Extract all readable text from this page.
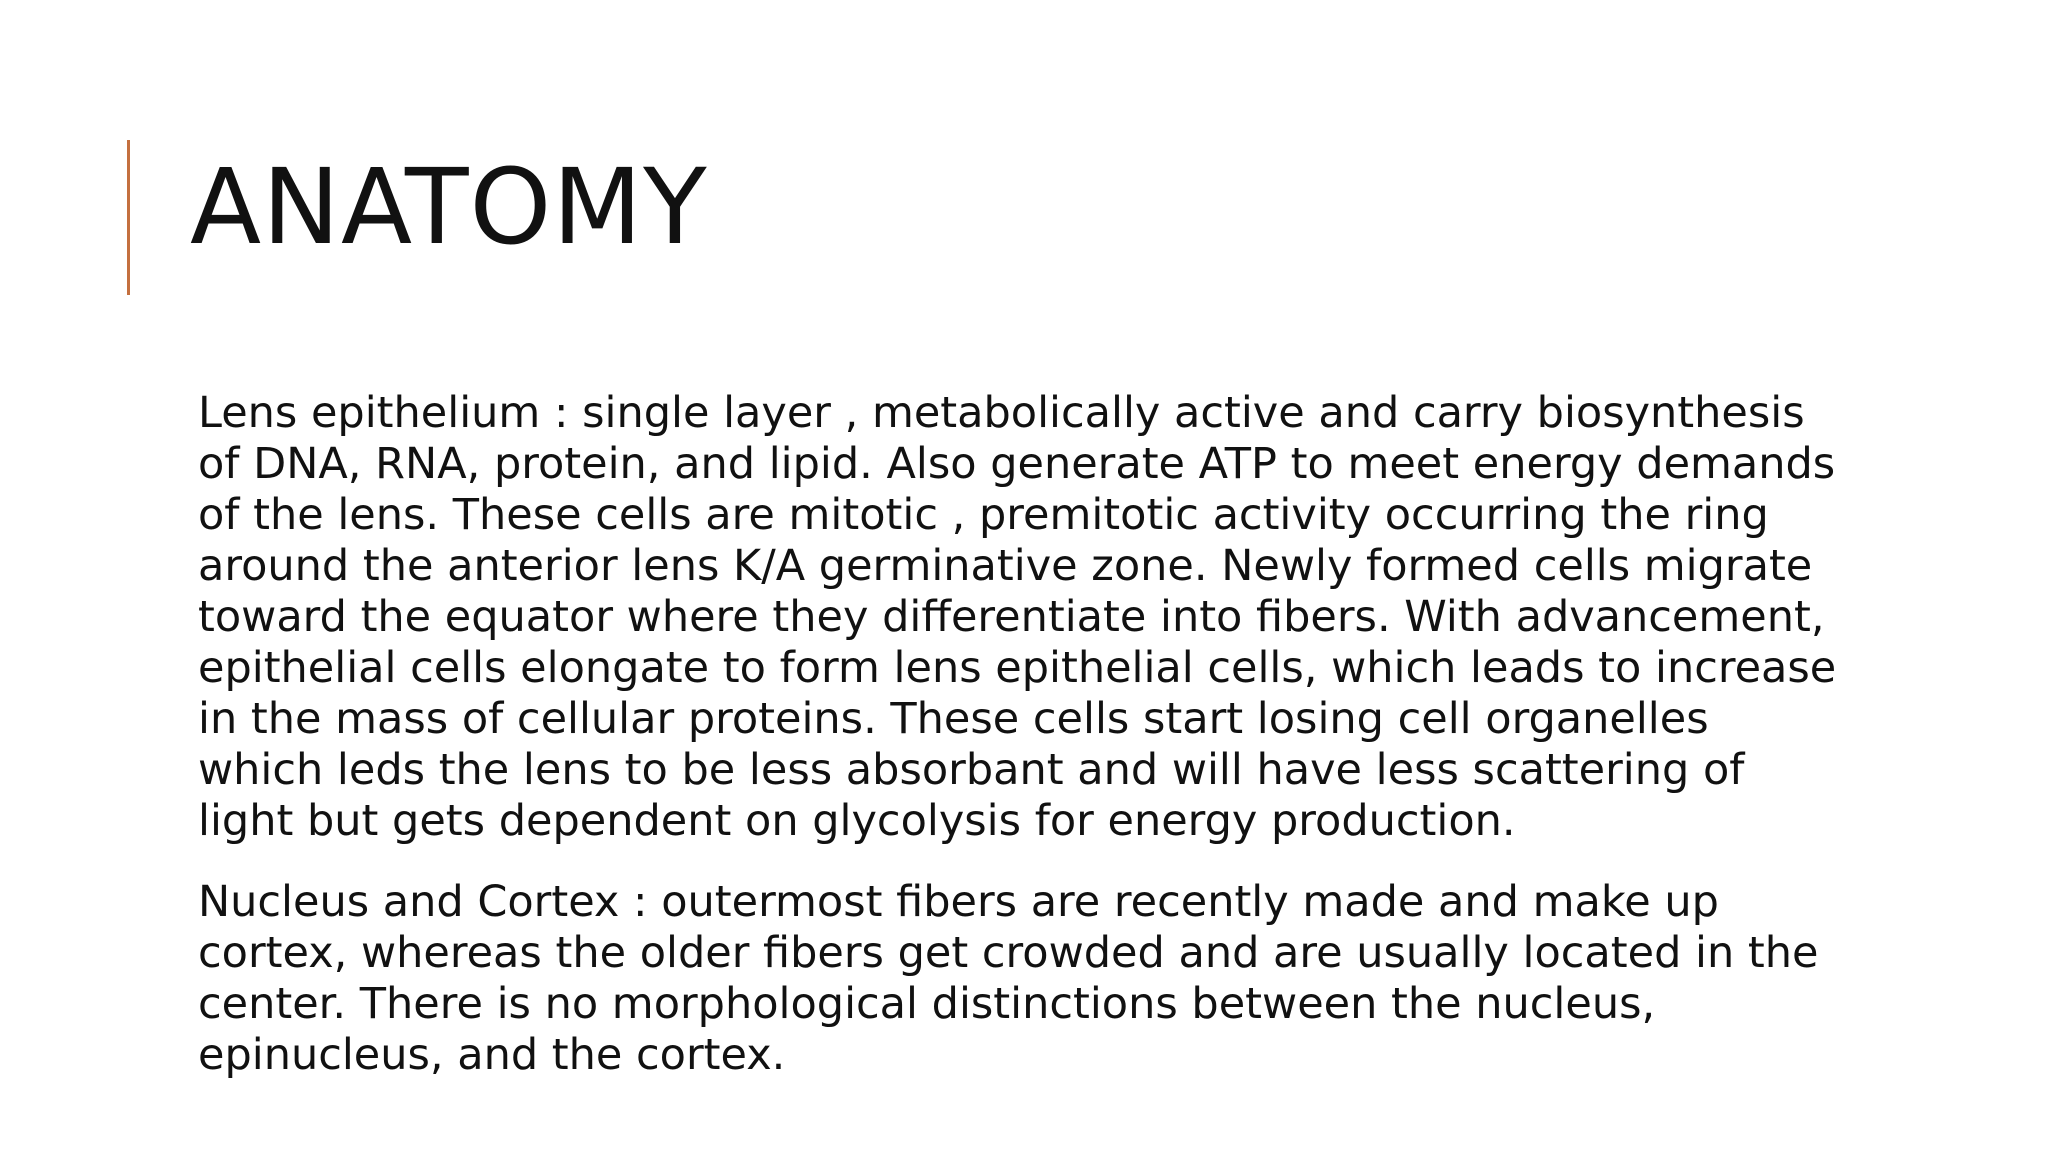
ANATOMY

Lens epithelium : single layer , metabolically active and carry biosynthesis of DNA, RNA, protein, and lipid. Also generate ATP to meet energy demands of the lens. These cells are mitotic , premitotic activity occurring the ring around the anterior lens K/A germinative zone. Newly formed cells migrate toward the equator where they differentiate into fibers. With advancement, epithelial cells elongate to form lens epithelial cells, which leads to increase in the mass of cellular proteins. These cells start losing cell organelles which leds the lens to be less absorbant and will have less scattering of light but gets dependent on glycolysis for energy production.

Nucleus and Cortex : outermost fibers are recently made and make up cortex, whereas the older fibers get crowded and are usually located in the center. There is no morphological distinctions between the nucleus, epinucleus, and the cortex.
